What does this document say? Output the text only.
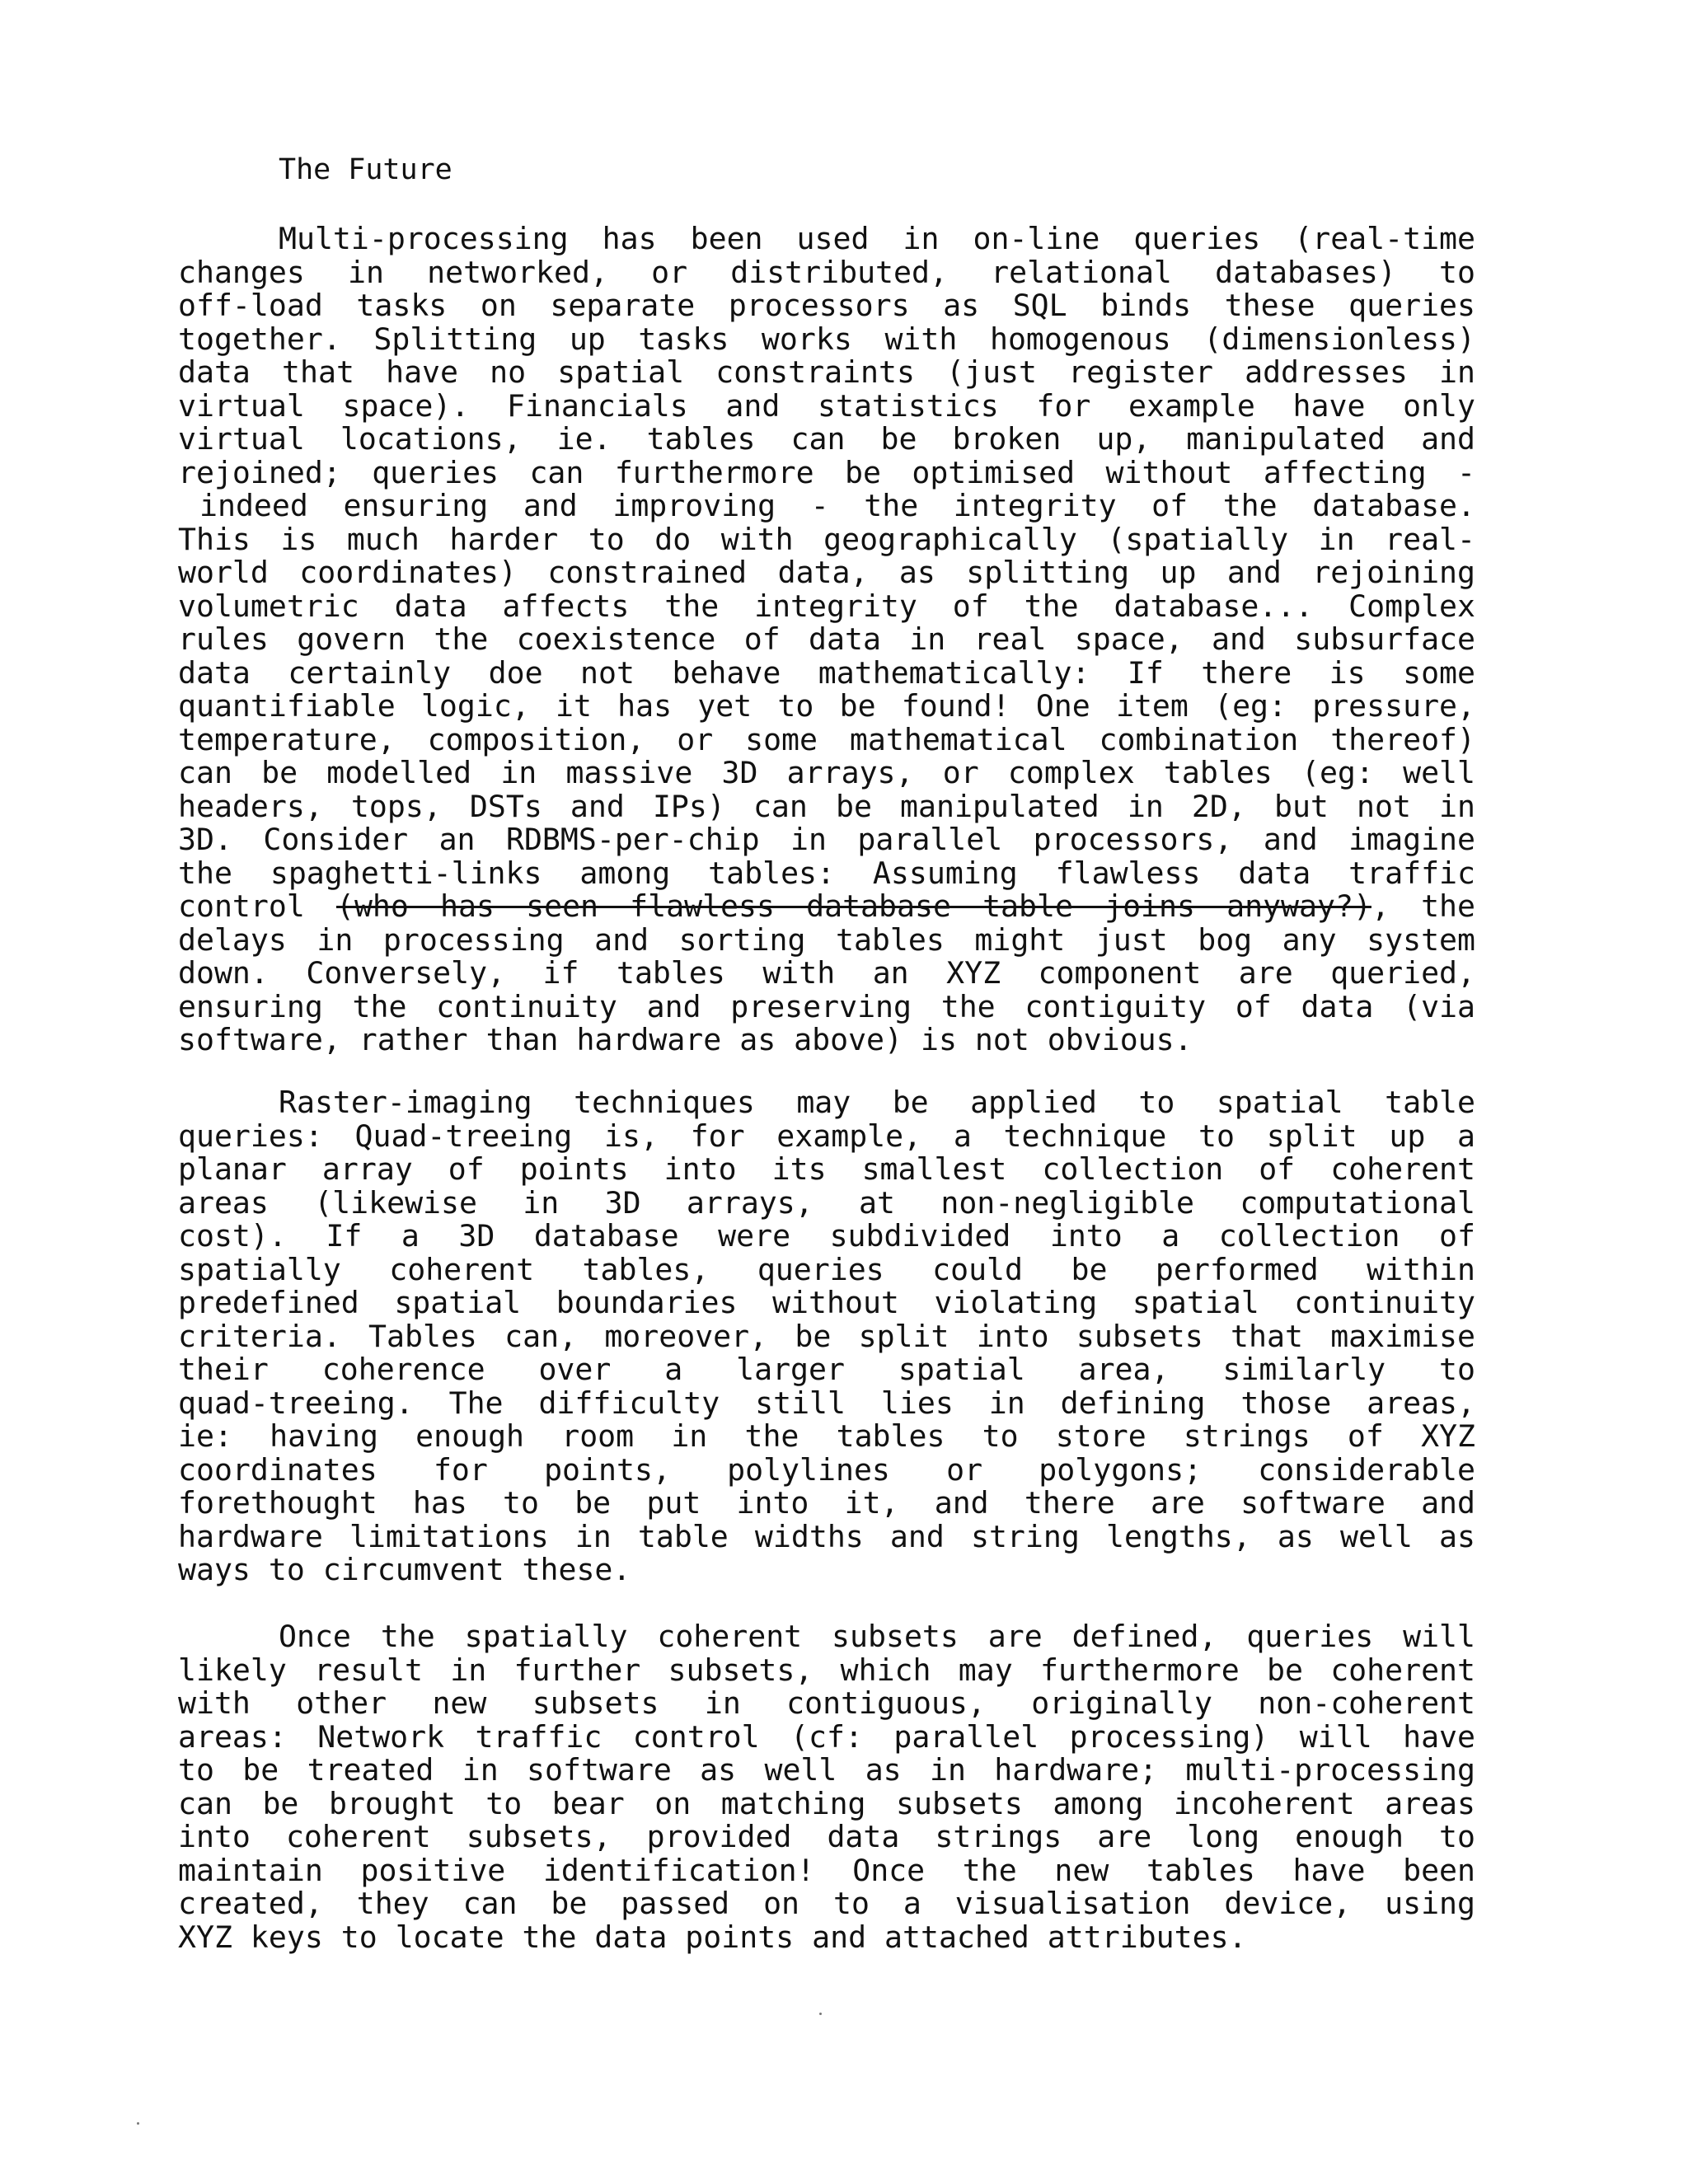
The Future
Multi-processing has been used in on-line queries (real-time
changes in networked, or distributed, relational databases) to
off-load tasks on separate processors as SQL binds these queries
together. Splitting up tasks works with homogenous (dimensionless)
data that have no spatial constraints (just register addresses in
virtual space). Financials and statistics for example have only
virtual locations, ie. tables can be broken up, manipulated and
rejoined; queries can furthermore be optimised without affecting -
indeed ensuring and improving - the integrity of the database.
This is much harder to do with geographically (spatially in real-
world coordinates) constrained data, as splitting up and rejoining
volumetric data affects the integrity of the database... Complex
rules govern the coexistence of data in real space, and subsurface
data certainly doe not behave mathematically: If there is some
quantifiable logic, it has yet to be found! One item (eg: pressure,
temperature, composition, or some mathematical combination thereof)
can be modelled in massive 3D arrays, or complex tables (eg: well
headers, tops, DSTs and IPs) can be manipulated in 2D, but not in
3D. Consider an RDBMS-per-chip in parallel processors, and imagine
the spaghetti-links among tables: Assuming flawless data traffic
control (who has seen flawless database table joins anyway?), the
delays in processing and sorting tables might just bog any system
down. Conversely, if tables with an XYZ component are queried,
ensuring the continuity and preserving the contiguity of data (via
software, rather than hardware as above) is not obvious.
Raster-imaging techniques may be applied to spatial table
queries: Quad-treeing is, for example, a technique to split up a
planar array of points into its smallest collection of coherent
areas (likewise in 3D arrays, at non-negligible computational
cost). If a 3D database were subdivided into a collection of
spatially coherent tables, queries could be performed within
predefined spatial boundaries without violating spatial continuity
criteria. Tables can, moreover, be split into subsets that maximise
their coherence over a larger spatial area, similarly to
quad-treeing. The difficulty still lies in defining those areas,
ie: having enough room in the tables to store strings of XYZ
coordinates for points, polylines or polygons; considerable
forethought has to be put into it, and there are software and
hardware limitations in table widths and string lengths, as well as
ways to circumvent these.
Once the spatially coherent subsets are defined, queries will
likely result in further subsets, which may furthermore be coherent
with other new subsets in contiguous, originally non-coherent
areas: Network traffic control (cf: parallel processing) will have
to be treated in software as well as in hardware; multi-processing
can be brought to bear on matching subsets among incoherent areas
into coherent subsets, provided data strings are long enough to
maintain positive identification! Once the new tables have been
created, they can be passed on to a visualisation device, using
XYZ keys to locate the data points and attached attributes.
